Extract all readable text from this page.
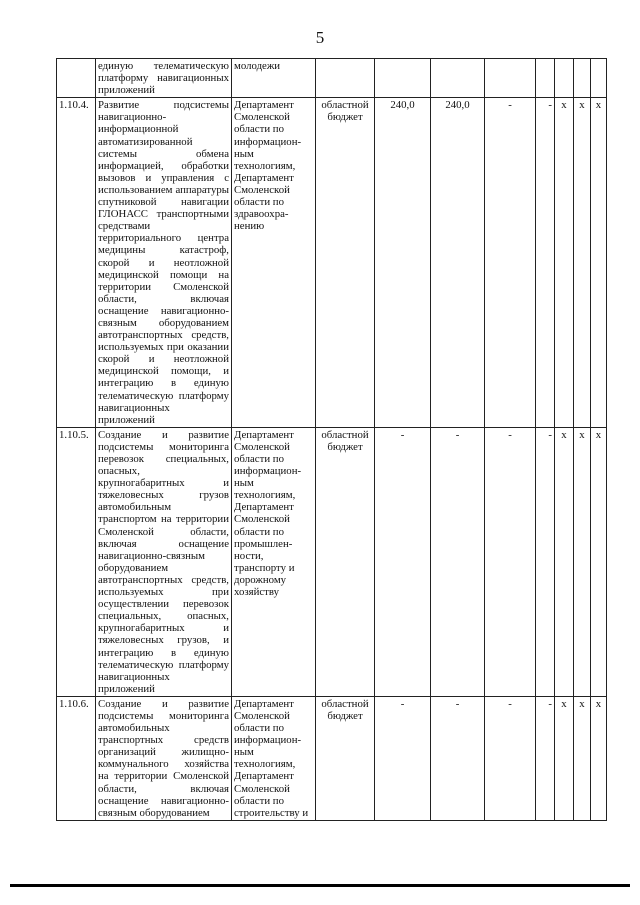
5
	единую телематическую платформу навигационных приложений	молодежи								
1.10.4.	Развитие подсистемы навигационно-информационной автоматизированной системы обмена информацией, обработки вызовов и управления с использованием аппаратуры спутниковой навигации ГЛОНАСС транспортными средствами территориального центра медицины катастроф, скорой и неотложной медицинской помощи на территории Смоленской области, включая оснащение навигационно-связным оборудованием автотранспортных средств, используемых при оказании скорой и неотложной медицинской помощи, и интеграцию в единую телематическую платформу навигационных приложений	Департамент Смоленской области по информацион-ным технологиям, Департамент Смоленской области по здравоохра-нению	областной бюджет	240,0	240,0	-	-	х	х	х
1.10.5.	Создание и развитие подсистемы мониторинга перевозок специальных, опасных, крупногабаритных и тяжеловесных грузов автомобильным транспортом на территории Смоленской области, включая оснащение навигационно-связным оборудованием автотранспортных средств, используемых при осуществлении перевозок специальных, опасных, крупногабаритных и тяжеловесных грузов, и интеграцию в единую телематическую платформу навигационных приложений	Департамент Смоленской области по информацион-ным технологиям, Департамент Смоленской области по промышлен-ности, транспорту и дорожному хозяйству	областной бюджет	-	-	-	-	х	х	х
1.10.6.	Создание и развитие подсистемы мониторинга автомобильных транспортных средств организаций жилищно-коммунального хозяйства на территории Смоленской области, включая оснащение навигационно-связным оборудованием	Департамент Смоленской области по информацион-ным технологиям, Департамент Смоленской области по строительству и	областной бюджет	-	-	-	-	х	х	х
